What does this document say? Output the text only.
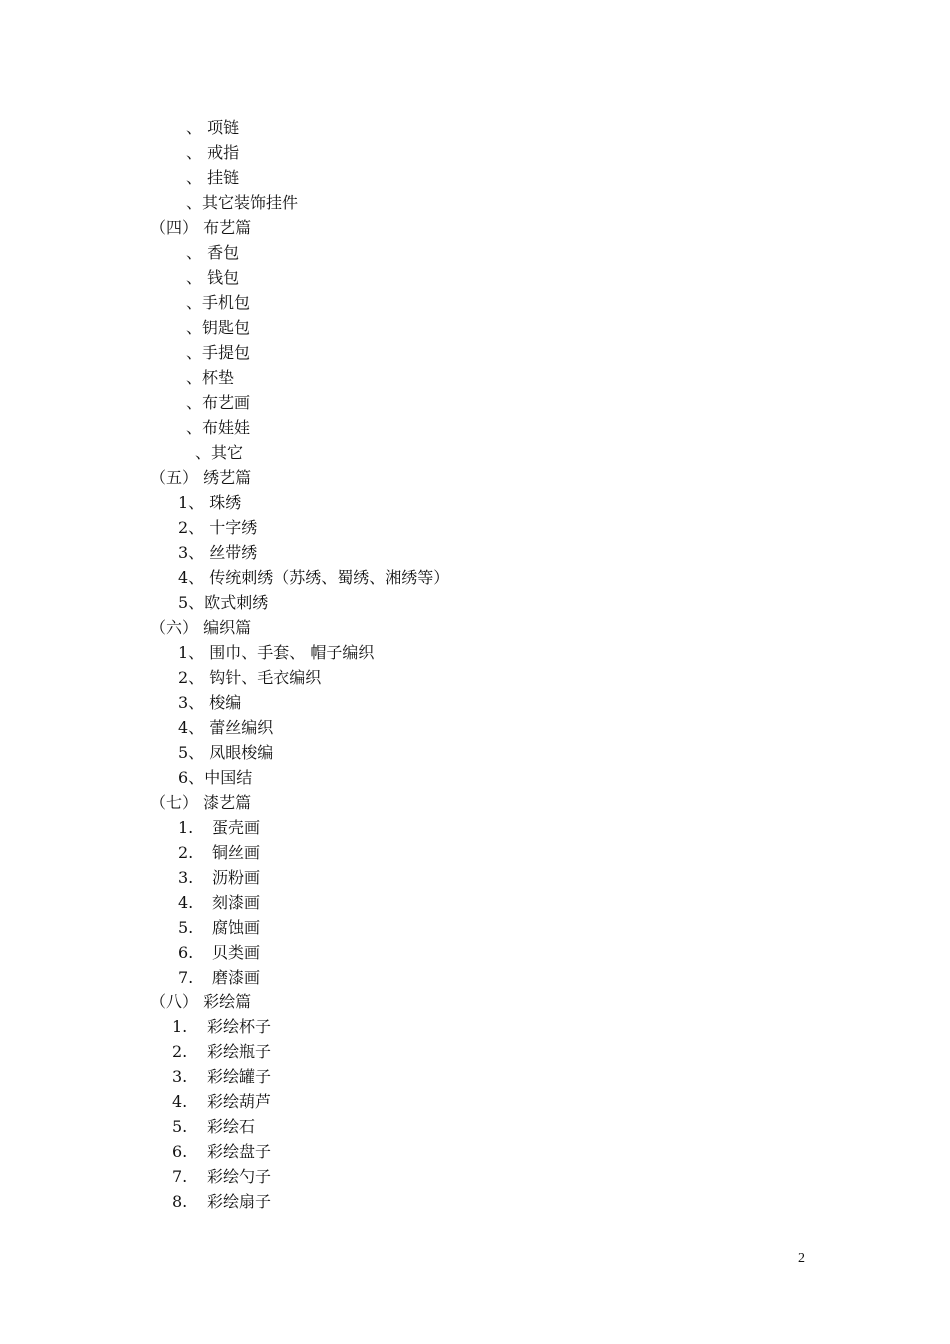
、 项链
、 戒指
、 挂链
、其它装饰挂件
（四） 布艺篇
、 香包
、 钱包
、手机包
、钥匙包
、手提包
、杯垫
、布艺画
、布娃娃
、其它
（五） 绣艺篇
1、 珠绣
2、 十字绣
3、 丝带绣
4、 传统刺绣（苏绣、蜀绣、湘绣等）
5、欧式刺绣
（六） 编织篇
1、 围巾、手套、 帽子编织
2、 钩针、毛衣编织
3、 梭编
4、 蕾丝编织
5、 凤眼梭编
6、中国结
（七） 漆艺篇
1. 蛋壳画
2. 铜丝画
3. 沥粉画
4. 刻漆画
5. 腐蚀画
6. 贝类画
7. 磨漆画
（八） 彩绘篇
1. 彩绘杯子
2. 彩绘瓶子
3. 彩绘罐子
4. 彩绘葫芦
5. 彩绘石
6. 彩绘盘子
7. 彩绘勺子
8. 彩绘扇子
2
